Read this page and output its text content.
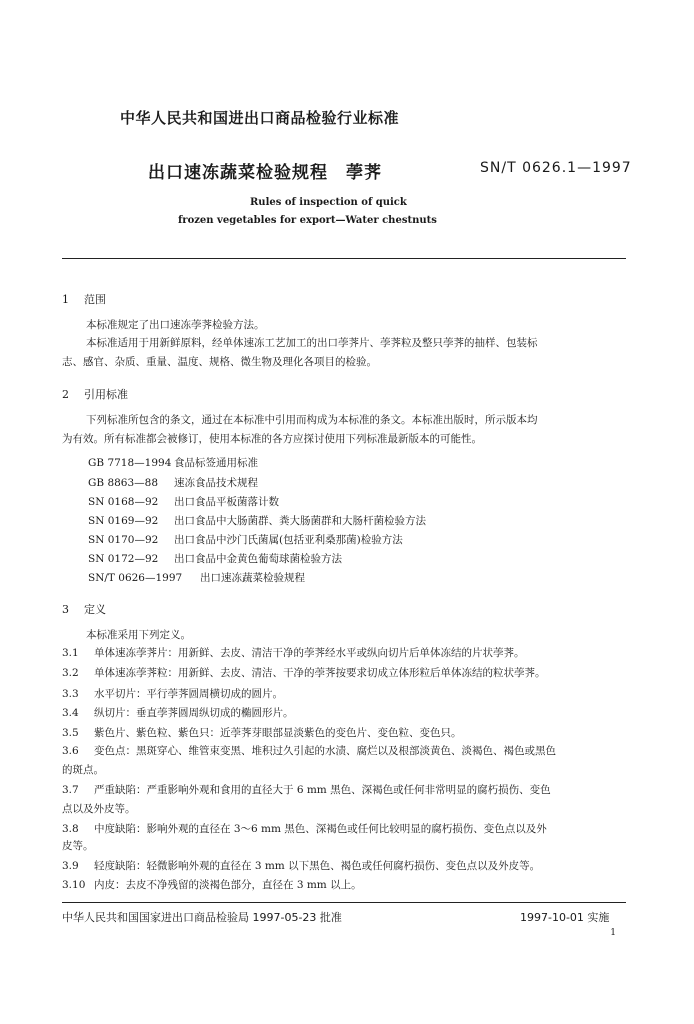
中华人民共和国进出口商品检验行业标准
出口速冻蔬菜检验规程　荸荠	SN/T 0626.1—1997
Rules of inspection of quick
frozen vegetables for export—Water chestnuts
1 范围
本标准规定了出口速冻荸荠检验方法。
本标准适用于用新鲜原料，经单体速冻工艺加工的出口荸荠片、荸荠粒及整只荸荠的抽样、包装标
志、感官、杂质、重量、温度、规格、微生物及理化各项目的检验。
2 引用标准
下列标准所包含的条文，通过在本标准中引用而构成为本标准的条文。本标准出版时，所示版本均
为有效。所有标准都会被修订，使用本标准的各方应探讨使用下列标准最新版本的可能性。
GB 7718—1994 食品标签通用标准
GB 8863—88 速冻食品技术规程
SN 0168—92 出口食品平板菌落计数
SN 0169—92 出口食品中大肠菌群、粪大肠菌群和大肠杆菌检验方法
SN 0170—92 出口食品中沙门氏菌属(包括亚利桑那菌)检验方法
SN 0172—92 出口食品中金黄色葡萄球菌检验方法
SN/T 0626—1997 出口速冻蔬菜检验规程
3 定义
本标准采用下列定义。
3.1 单体速冻荸荠片：用新鲜、去皮、清洁干净的荸荠经水平或纵向切片后单体冻结的片状荸荠。
3.2 单体速冻荸荠粒：用新鲜、去皮、清洁、干净的荸荠按要求切成立体形粒后单体冻结的粒状荸荠。
3.3 水平切片：平行荸荠圆周横切成的圆片。
3.4 纵切片：垂直荸荠圆周纵切成的椭圆形片。
3.5 紫色片、紫色粒、紫色只：近荸荠芽眼部显淡紫色的变色片、变色粒、变色只。
3.6 变色点：黑斑穿心、维管束变黑、堆积过久引起的水渍、腐烂以及根部淡黄色、淡褐色、褐色或黑色
的斑点。
3.7 严重缺陷：严重影响外观和食用的直径大于 6 mm 黑色、深褐色或任何非常明显的腐朽损伤、变色
点以及外皮等。
3.8 中度缺陷：影响外观的直径在 3～6 mm 黑色、深褐色或任何比较明显的腐朽损伤、变色点以及外
皮等。
3.9 轻度缺陷：轻微影响外观的直径在 3 mm 以下黑色、褐色或任何腐朽损伤、变色点以及外皮等。
3.10 内皮：去皮不净残留的淡褐色部分，直径在 3 mm 以上。
中华人民共和国国家进出口商品检验局 1997-05-23 批准	1997-10-01 实施
1
